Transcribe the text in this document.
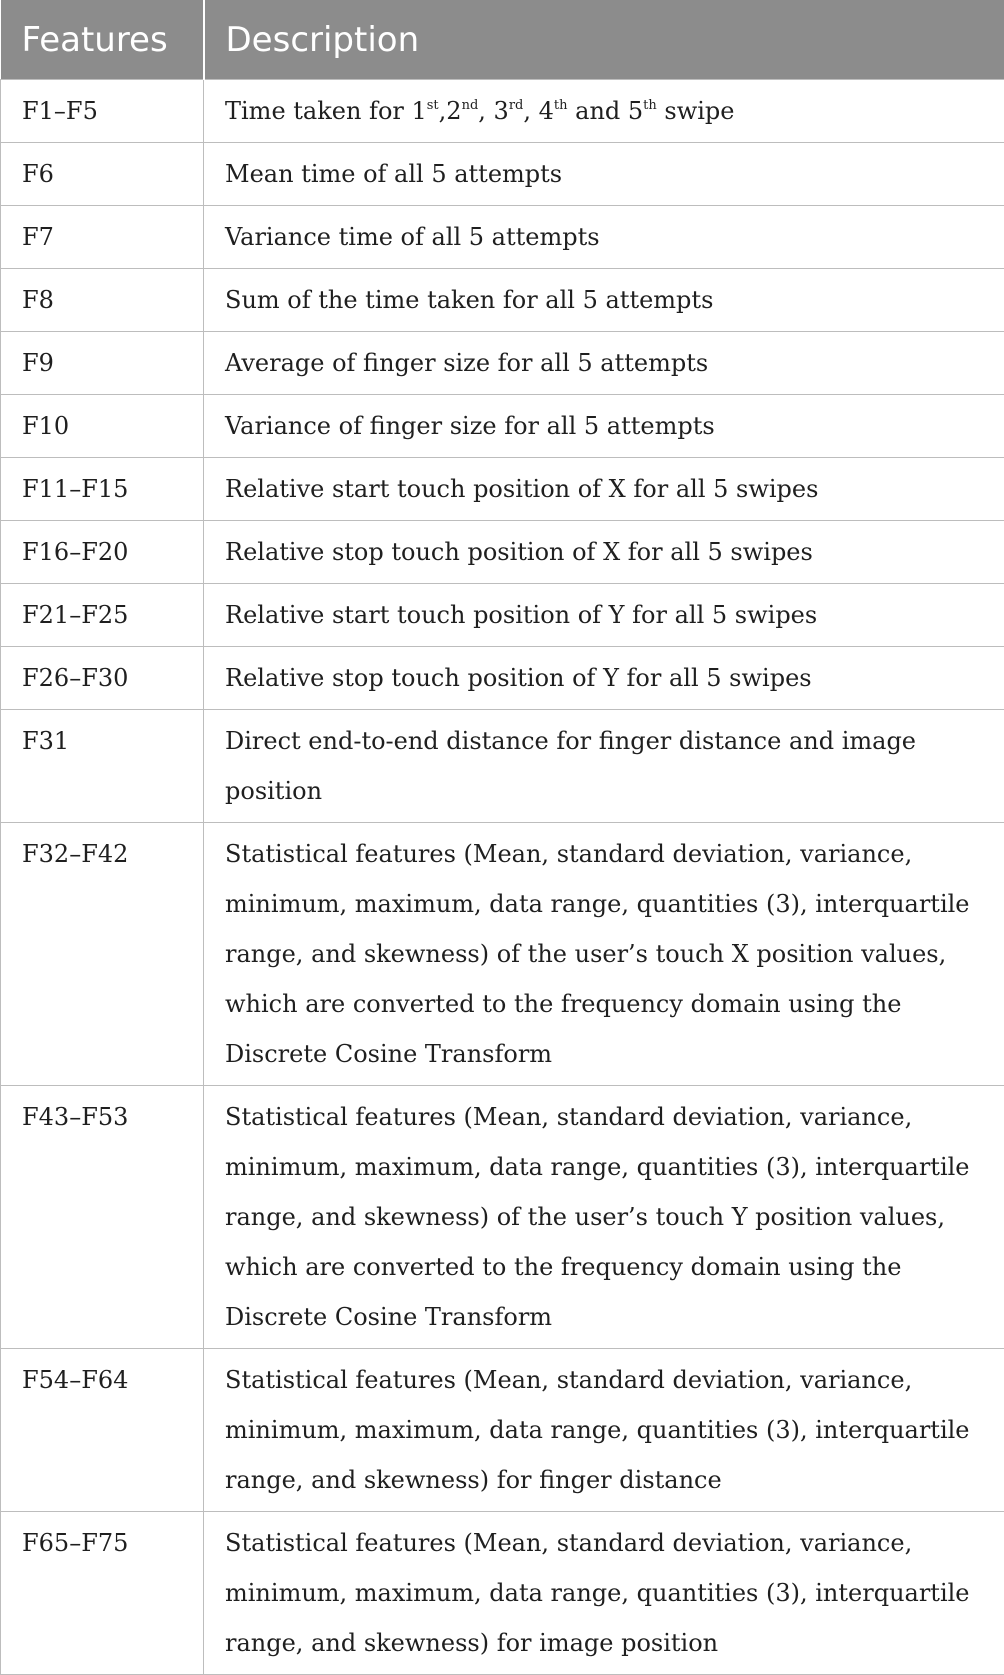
Features	Description
F1–F5	Time taken for 1st,2nd, 3rd, 4th and 5th swipe
F6	Mean time of all 5 attempts
F7	Variance time of all 5 attempts
F8	Sum of the time taken for all 5 attempts
F9	Average of finger size for all 5 attempts
F10	Variance of finger size for all 5 attempts
F11–F15	Relative start touch position of X for all 5 swipes
F16–F20	Relative stop touch position of X for all 5 swipes
F21–F25	Relative start touch position of Y for all 5 swipes
F26–F30	Relative stop touch position of Y for all 5 swipes
F31	Direct end-to-end distance for finger distance and image position
F32–F42	Statistical features (Mean, standard deviation, variance, minimum, maximum, data range, quantities (3), interquartile range, and skewness) of the user’s touch X position values, which are converted to the frequency domain using the Discrete Cosine Transform
F43–F53	Statistical features (Mean, standard deviation, variance, minimum, maximum, data range, quantities (3), interquartile range, and skewness) of the user’s touch Y position values, which are converted to the frequency domain using the Discrete Cosine Transform
F54–F64	Statistical features (Mean, standard deviation, variance, minimum, maximum, data range, quantities (3), interquartile range, and skewness) for finger distance
F65–F75	Statistical features (Mean, standard deviation, variance, minimum, maximum, data range, quantities (3), interquartile range, and skewness) for image position
